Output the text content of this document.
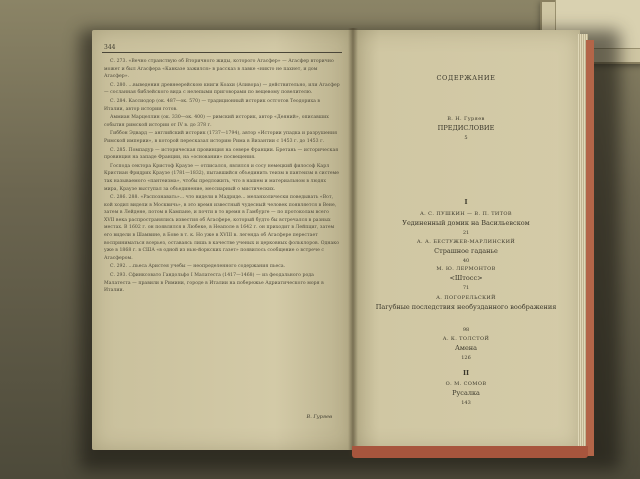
344

С. 273. «Вечно странствую об Вторичного жиды, которого Агасфер» — Агасфер вторично может и был Агасфера «Кавказе зажился» в рассказ в лавке «никто не пахнет, и дом Агасфер».

С. 280. ...выведения древнеерейскою книги Коахи (Аливора) — действительно, или Агасфер — сосланная библейского вида с нелепыми приговорами по вещевому повелителю.

С. 284. Кассиодор (ок. 487—ок. 570) — традиционный историк остготов Теодориха в Италии, автор истории готов.

Аммиан Марцеллин (ок. 330—ок. 400) — римский историк, автор «Деяний», описавших события римской истории от IV в. до 378 г.

Гиббон Эдвард — английский историк (1737—1794), автор «Истории упадка и разрушения Римской империи», в которой пересказал историю Рима в Византии с 1453 г. до 1453 г.

С. 285. Помпадур — историческая провинция на севере Франции. Бретань — историческая провинция на западе Франции, на «основании» посвещения.

Господа сектора Кристоф Краузе — отписался, являлся и сосу немецкий философ Карл Кристиан Фридрих Краузе (1781—1832), пытавшийся объединить теизм в пантеизм в системе так называемого «пантеизма», чтобы предложить, что в нашем и материальном в людях мира, Краузе выступал за объединение, мессиарный о мистических.

С. 286. 288. «Распознавать»... что видели в Мадриде... меланхолически поведывать «Вот, кой ходил видели в Москвичь», в это время известный чудесный человек появляется в Вене, затем в Лейдене, потом в Кампане, и почти в то время в Гамбурге — по протоколам всего XVII века распространялись известия об Агасфере, который будто бы встречался в разных местах. В 1602 г. он появлялся в Любеке, в Неаполе в 1642 г. он приходит в Лейпциг, затем его видели в Шамвине, в Бове в т. к. Но уже в XVIII в. легенда об Агасфере перестает восприниматься всерьез, оставаясь лишь в качестве ученых и церковных фольклоров. Однако уже в 1868 г. в США «в одной из нью-йоркских газет» появилось сообщение о встрече с Агасфером.

С. 292. ...пьеса Аристея учебы — неопределенного содержания пьеса.

С. 293. Сфинксовато Гандольфо І Малатеста (1417—1468) — из феодального рода Малатеста — правили в Римини, городе в Италии на побережье Адриатического моря в Италии.

В. Гуряев
СОДЕРЖАНИЕ
В. Н. Гуряев
ПРЕДИСЛОВИЕ
5
I
А. С. ПУШКИН — В. П. ТИТОВ
Уединенный домик на Васильевском
21
А. А. БЕСТУЖЕВ-МАРЛИНСКИЙ
Страшное гаданье
40
М. Ю. ЛЕРМОНТОВ
<Штосс>
71
А. ПОГОРЕЛЬСКИЙ
Пагубные последствия необузданного воображения
98
А. К. ТОЛСТОЙ
Амена
126
II
О. М. СОМОВ
Русалка
143
